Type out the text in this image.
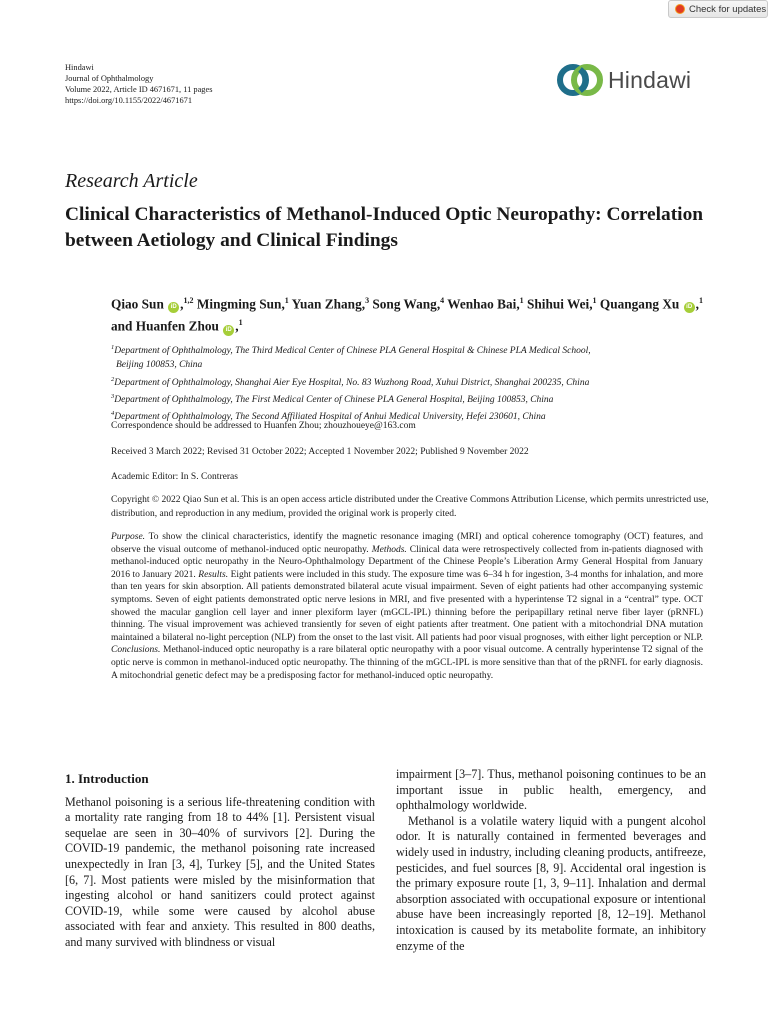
Check for updates
Hindawi
Journal of Ophthalmology
Volume 2022, Article ID 4671671, 11 pages
https://doi.org/10.1155/2022/4671671
Hindawi
Research Article
Clinical Characteristics of Methanol-Induced Optic Neuropathy: Correlation between Aetiology and Clinical Findings
Qiao Sun iD ,$^{1,2}$ Mingming Sun,$^1$ Yuan Zhang,$^3$ Song Wang,$^4$ Wenhao Bai,$^1$ Shihui Wei,$^1$ Quangang Xu iD ,$^1$ and Huanfen Zhou iD ,$^1$
$^1$Department of Ophthalmology, The Third Medical Center of Chinese PLA General Hospital & Chinese PLA Medical School,
Beijing 100853, China
$^2$Department of Ophthalmology, Shanghai Aier Eye Hospital, No. 83 Wuzhong Road, Xuhui District, Shanghai 200235, China
$^3$Department of Ophthalmology, The First Medical Center of Chinese PLA General Hospital, Beijing 100853, China
$^4$Department of Ophthalmology, The Second Affiliated Hospital of Anhui Medical University, Hefei 230601, China
Correspondence should be addressed to Huanfen Zhou; zhouzhoueye@163.com
Received 3 March 2022; Revised 31 October 2022; Accepted 1 November 2022; Published 9 November 2022
Academic Editor: In S. Contreras
Copyright © 2022 Qiao Sun et al. This is an open access article distributed under the Creative Commons Attribution License, which permits unrestricted use, distribution, and reproduction in any medium, provided the original work is properly cited.
Purpose. To show the clinical characteristics, identify the magnetic resonance imaging (MRI) and optical coherence tomography (OCT) features, and observe the visual outcome of methanol-induced optic neuropathy. Methods. Clinical data were retrospectively collected from in-patients diagnosed with methanol-induced optic neuropathy in the Neuro-Ophthalmology Department of the Chinese People’s Liberation Army General Hospital from January 2016 to January 2021. Results. Eight patients were included in this study. The exposure time was 6–34 h for ingestion, 3-4 months for inhalation, and more than ten years for skin absorption. All patients demonstrated bilateral acute visual impairment. Seven of eight patients had other accompanying systemic symptoms. Seven of eight patients demonstrated optic nerve lesions in MRI, and five presented with a hyperintense T2 signal in a “central” type. OCT showed the macular ganglion cell layer and inner plexiform layer (mGCL-IPL) thinning before the peripapillary retinal nerve fiber layer (pRNFL) thinning. The visual improvement was achieved transiently for seven of eight patients after treatment. One patient with a mitochondrial DNA mutation maintained a bilateral no-light perception (NLP) from the onset to the last visit. All patients had poor visual prognoses, with either light perception or NLP. Conclusions. Methanol-induced optic neuropathy is a rare bilateral optic neuropathy with a poor visual outcome. A centrally hyperintense T2 signal of the optic nerve is common in methanol-induced optic neuropathy. The thinning of the mGCL-IPL is more sensitive than that of the pRNFL for early diagnosis. A mitochondrial genetic defect may be a predisposing factor for methanol-induced optic neuropathy.
1. Introduction

Methanol poisoning is a serious life-threatening condition with a mortality rate ranging from 18 to 44% [1]. Persistent visual sequelae are seen in 30–40% of survivors [2]. During the COVID-19 pandemic, the methanol poisoning rate increased unexpectedly in Iran [3, 4], Turkey [5], and the United States [6, 7]. Most patients were misled by the misinformation that ingesting alcohol or hand sanitizers could protect against COVID-19, while some were caused by alcohol abuse associated with fear and anxiety. This resulted in 800 deaths, and many survived with blindness or visual

impairment [3–7]. Thus, methanol poisoning continues to be an important issue in public health, emergency, and ophthalmology worldwide.

Methanol is a volatile watery liquid with a pungent alcohol odor. It is naturally contained in fermented beverages and widely used in industry, including cleaning products, antifreeze, pesticides, and fuel sources [8, 9]. Accidental oral ingestion is the primary exposure route [1, 3, 9–11]. Inhalation and dermal absorption associated with occupational exposure or intentional abuse have been increasingly reported [8, 12–19]. Methanol intoxication is caused by its metabolite formate, an inhibitory enzyme of the
